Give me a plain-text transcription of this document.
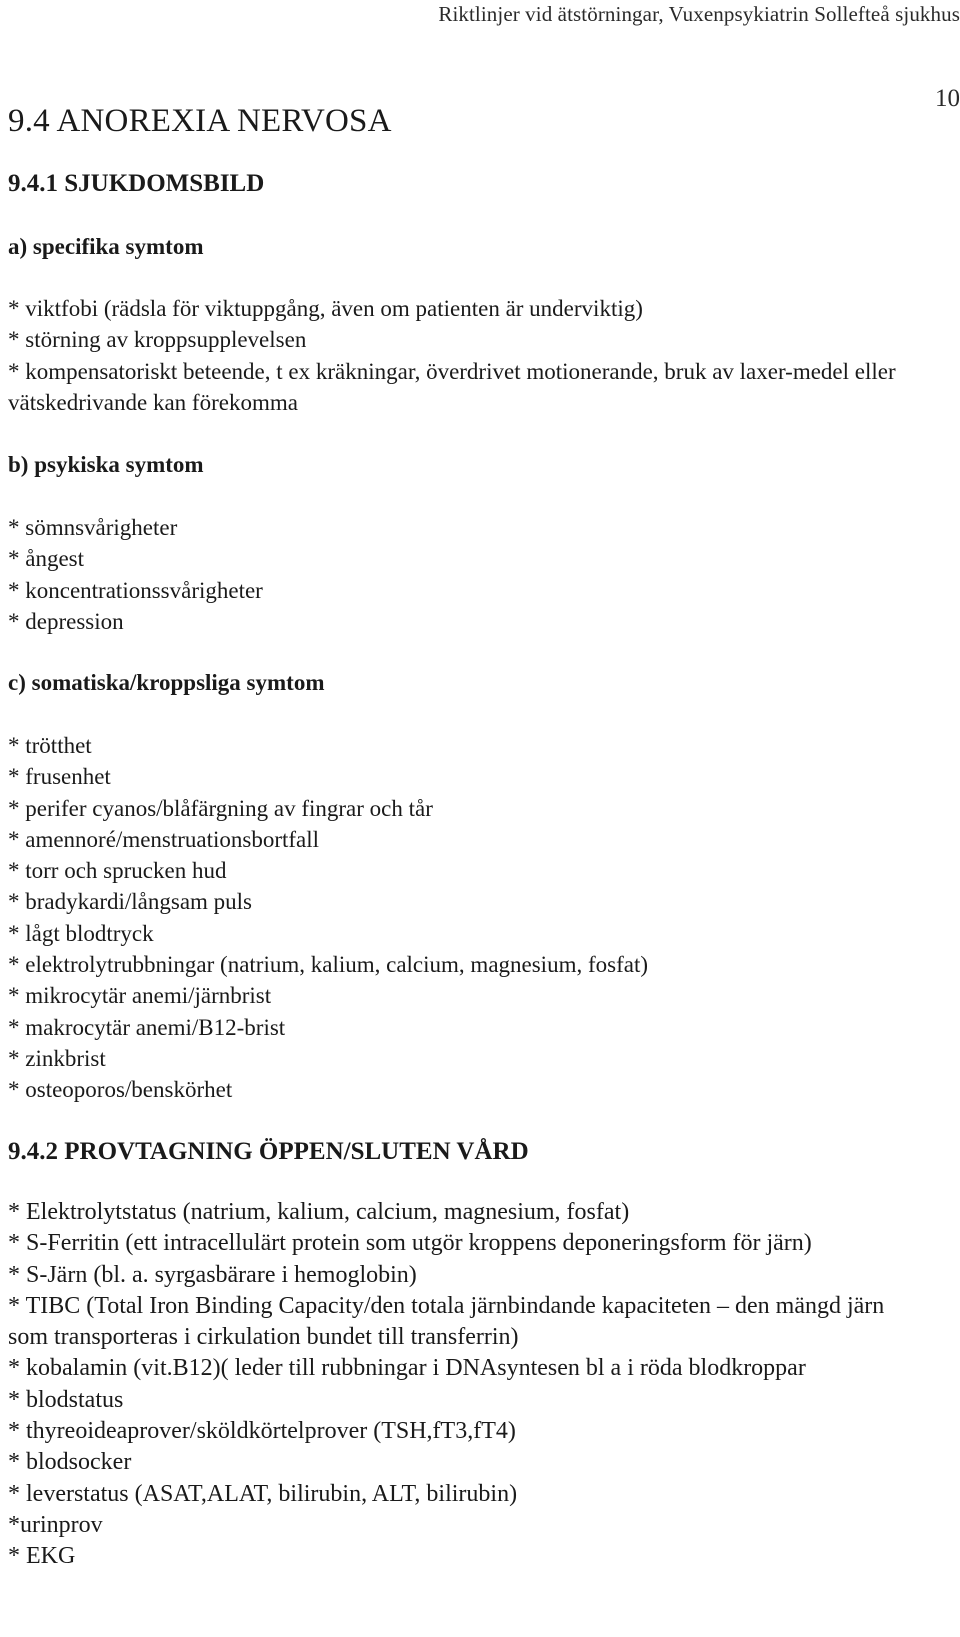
Riktlinjer vid ätstörningar, Vuxenpsykiatrin Sollefteå sjukhus
10
9.4 ANOREXIA NERVOSA
9.4.1 SJUKDOMSBILD
a) specifika symtom
* viktfobi (rädsla för viktuppgång, även om patienten är underviktig)
* störning av kroppsupplevelsen
* kompensatoriskt beteende, t ex kräkningar, överdrivet motionerande, bruk av laxer-medel eller vätskedrivande kan förekomma
b) psykiska symtom
* sömnsvårigheter
* ångest
* koncentrationssvårigheter
* depression
c) somatiska/kroppsliga symtom
* trötthet
* frusenhet
* perifer cyanos/blåfärgning av fingrar och tår
* amennoré/menstruationsbortfall
* torr och sprucken hud
* bradykardi/långsam puls
* lågt blodtryck
* elektrolytrubbningar (natrium, kalium, calcium, magnesium, fosfat)
* mikrocytär anemi/järnbrist
* makrocytär anemi/B12-brist
* zinkbrist
* osteoporos/benskörhet
9.4.2 PROVTAGNING ÖPPEN/SLUTEN VÅRD
* Elektrolytstatus (natrium, kalium, calcium, magnesium, fosfat)
* S-Ferritin (ett intracellulärt protein som utgör kroppens deponeringsform för järn)
* S-Järn (bl. a. syrgasbärare i hemoglobin)
* TIBC (Total Iron Binding Capacity/den totala järnbindande kapaciteten – den mängd järn som transporteras i cirkulation bundet till transferrin)
* kobalamin (vit.B12)( leder till rubbningar i DNAsyntesen bl a i röda blodkroppar
* blodstatus
* thyreoideaprover/sköldkörtelprover (TSH,fT3,fT4)
* blodsocker
* leverstatus (ASAT,ALAT, bilirubin, ALT, bilirubin)
*urinprov
* EKG
